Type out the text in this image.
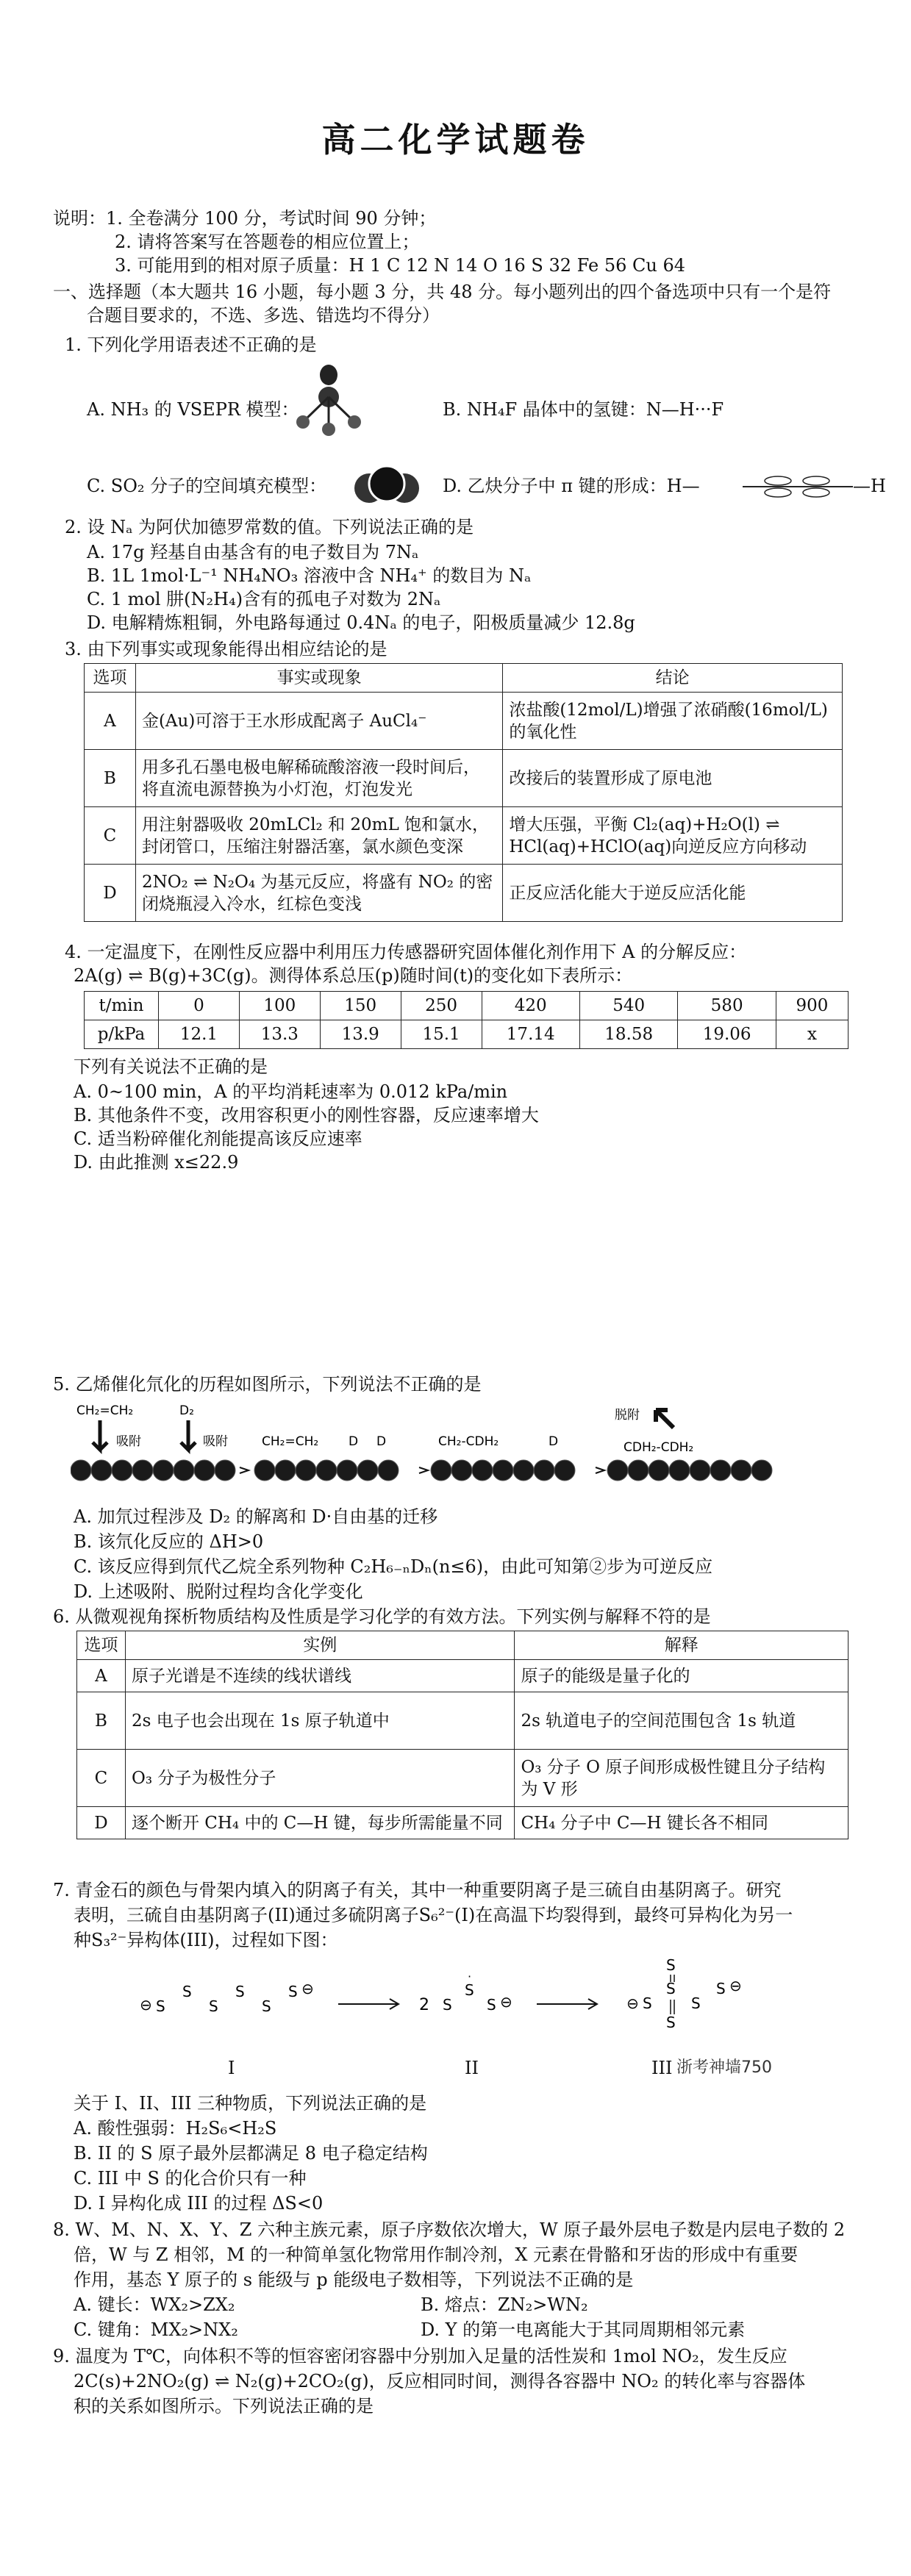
高二化学试题卷
说明：1. 全卷满分 100 分，考试时间 90 分钟；
2. 请将答案写在答题卷的相应位置上；
3. 可能用到的相对原子质量：H 1 C 12 N 14 O 16 S 32 Fe 56 Cu 64
一、选择题（本大题共 16 小题，每小题 3 分，共 48 分。每小题列出的四个备选项中只有一个是符
合题目要求的，不选、多选、错选均不得分）
1. 下列化学用语表述不正确的是
A. NH₃ 的 VSEPR 模型：	B. NH₄F 晶体中的氢键：N—H···F
C. SO₂ 分子的空间填充模型：	D. 乙炔分子中 π 键的形成：H—	—H
2. 设 Nₐ 为阿伏加德罗常数的值。下列说法正确的是
A. 17g 羟基自由基含有的电子数目为 7Nₐ
B. 1L 1mol·L⁻¹ NH₄NO₃ 溶液中含 NH₄⁺ 的数目为 Nₐ
C. 1 mol 肼(N₂H₄)含有的孤电子对数为 2Nₐ
D. 电解精炼粗铜，外电路每通过 0.4Nₐ 的电子，阳极质量减少 12.8g
3. 由下列事实或现象能得出相应结论的是
选项	事实或现象	结论
A	金(Au)可溶于王水形成配离子 AuCl₄⁻	浓盐酸(12mol/L)增强了浓硝酸(16mol/L)的氧化性
B	用多孔石墨电极电解稀硫酸溶液一段时间后，将直流电源替换为小灯泡，灯泡发光	改接后的装置形成了原电池
C	用注射器吸收 20mLCl₂ 和 20mL 饱和氯水，封闭管口，压缩注射器活塞，氯水颜色变深	增大压强，平衡 Cl₂(aq)+H₂O(l) ⇌ HCl(aq)+HClO(aq)向逆反应方向移动
D	2NO₂ ⇌ N₂O₄ 为基元反应，将盛有 NO₂ 的密闭烧瓶浸入冷水，红棕色变浅	正反应活化能大于逆反应活化能
4. 一定温度下，在刚性反应器中利用压力传感器研究固体催化剂作用下 A 的分解反应：
2A(g) ⇌ B(g)+3C(g)。测得体系总压(p)随时间(t)的变化如下表所示：
t/min	0	100	150	250	420	540	580	900
p/kPa	12.1	13.3	13.9	15.1	17.14	18.58	19.06	x
下列有关说法不正确的是
A. 0~100 min，A 的平均消耗速率为 0.012 kPa/min
B. 其他条件不变，改用容积更小的刚性容器，反应速率增大
C. 适当粉碎催化剂能提高该反应速率
D. 由此推测 x≤22.9
5. 乙烯催化氘化的历程如图所示，下列说法不正确的是
CH₂=CH₂
吸附
D₂
吸附	CH₂=CH₂ D D	CH₂-CDH₂	D
脱附
CDH₂-CDH₂
A. 加氘过程涉及 D₂ 的解离和 D·自由基的迁移
B. 该氘化反应的 ΔH>0
C. 该反应得到氘代乙烷全系列物种 C₂H₆₋ₙDₙ(n≤6)，由此可知第②步为可逆反应
D. 上述吸附、脱附过程均含化学变化
6. 从微观视角探析物质结构及性质是学习化学的有效方法。下列实例与解释不符的是
选项	实例	解释
A	原子光谱是不连续的线状谱线	原子的能级是量子化的
B	2s 电子也会出现在 1s 原子轨道中	2s 轨道电子的空间范围包含 1s 轨道
C	O₃ 分子为极性分子	O₃ 分子 O 原子间形成极性键且分子结构为 V 形
D	逐个断开 CH₄ 中的 C—H 键，每步所需能量不同	CH₄ 分子中 C—H 键长各不相同
7. 青金石的颜色与骨架内填入的阴离子有关，其中一种重要阴离子是三硫自由基阴离子。研究
表明，三硫自由基阴离子(II)通过多硫阴离子S₆²⁻(I)在高温下均裂得到，最终可异构化为另一
种S₃²⁻异构体(III)，过程如下图：
⊖ S
S
S
S
S
S ⊖
2 S
S
S ⊖
·
⊖ S
S
S
S
S
S ⊖
I	II	III 浙考神墙750
关于 I、II、III 三种物质，下列说法正确的是
A. 酸性强弱：H₂S₆<H₂S
B. II 的 S 原子最外层都满足 8 电子稳定结构
C. III 中 S 的化合价只有一种
D. I 异构化成 III 的过程 ΔS<0
8. W、M、N、X、Y、Z 六种主族元素，原子序数依次增大，W 原子最外层电子数是内层电子数的 2
倍，W 与 Z 相邻，M 的一种简单氢化物常用作制冷剂，X 元素在骨骼和牙齿的形成中有重要
作用，基态 Y 原子的 s 能级与 p 能级电子数相等，下列说法不正确的是
A. 键长：WX₂>ZX₂	B. 熔点：ZN₂>WN₂
C. 键角：MX₂>NX₂	D. Y 的第一电离能大于其同周期相邻元素
9. 温度为 T℃，向体积不等的恒容密闭容器中分别加入足量的活性炭和 1mol NO₂，发生反应
2C(s)+2NO₂(g) ⇌ N₂(g)+2CO₂(g)，反应相同时间，测得各容器中 NO₂ 的转化率与容器体
积的关系如图所示。下列说法正确的是
